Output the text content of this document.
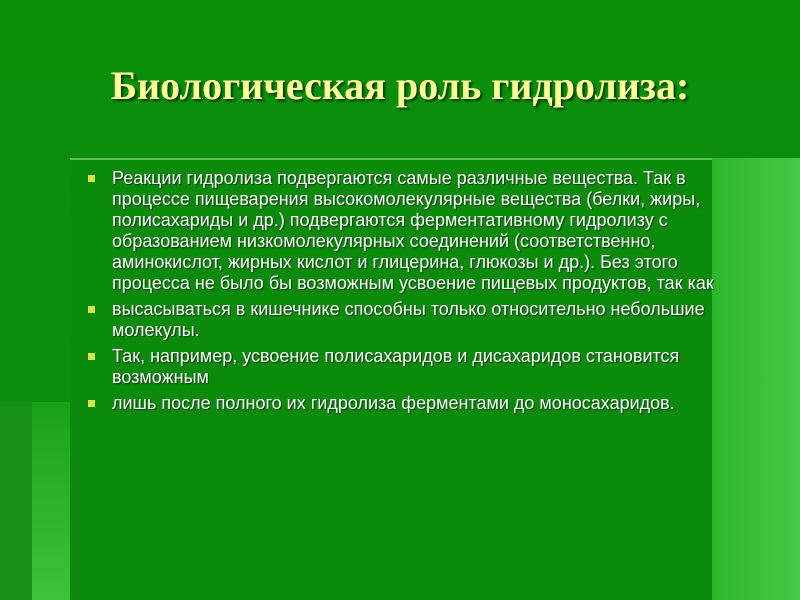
Биологическая роль гидролиза:
Реакции гидролиза подвергаются самые различные вещества. Так в процессе пищеварения высокомолекулярные вещества (белки, жиры, полисахариды и др.) подвергаются ферментативному гидролизу с образованием низкомолекулярных соединений (соответственно, аминокислот, жирных кислот и глицерина, глюкозы и др.). Без этого процесса не было бы возможным усвоение пищевых продуктов, так как
высасываться в кишечнике способны только относительно небольшие молекулы.
Так, например, усвоение полисахаридов и дисахаридов становится возможным
лишь после полного их гидролиза ферментами до моносахаридов.
